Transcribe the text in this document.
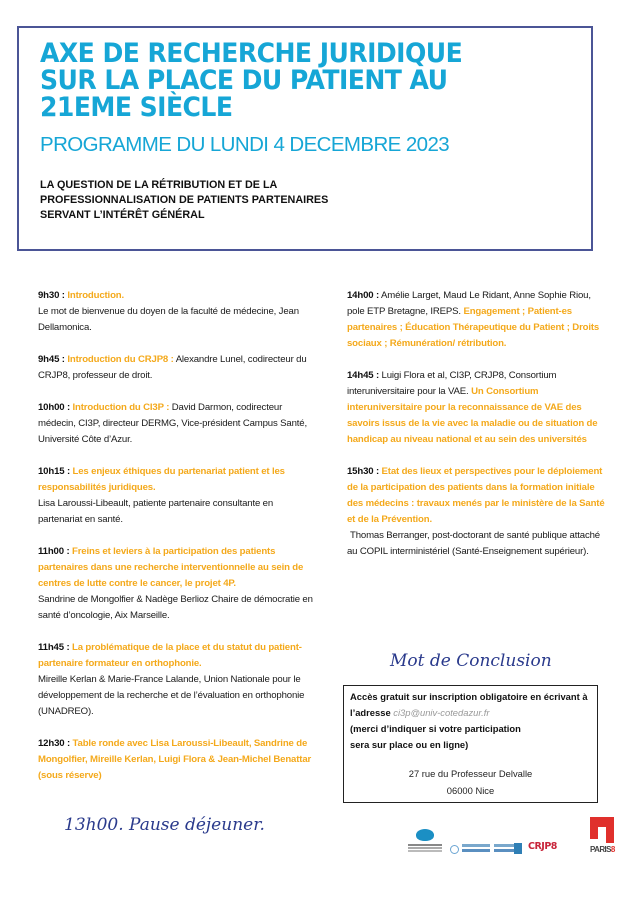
AXE DE RECHERCHE JURIDIQUE
SUR LA PLACE DU PATIENT AU
21EME SIÈCLE
PROGRAMME DU LUNDI 4 DECEMBRE 2023
LA QUESTION DE LA RÉTRIBUTION ET DE LA
PROFESSIONNALISATION DE PATIENTS PARTENAIRES
SERVANT L’INTÉRÊT GÉNÉRAL
9h30 : Introduction.
Le mot de bienvenue du doyen de la faculté de médecine, Jean Dellamonica.
9h45 : Introduction du CRJP8 : Alexandre Lunel, codirecteur du CRJP8, professeur de droit.
10h00 : Introduction du CI3P : David Darmon, codirecteur médecin, CI3P, directeur DERMG, Vice-président Campus Santé, Université Côte d’Azur.
10h15 : Les enjeux éthiques du partenariat patient et les responsabilités juridiques.
Lisa Laroussi-Libeault, patiente partenaire consultante en partenariat en santé.
11h00 : Freins et leviers à la participation des patients partenaires dans une recherche interventionnelle au sein de centres de lutte contre le cancer, le projet 4P.
Sandrine de Mongolfier & Nadège Berlioz Chaire de démocratie en santé d’oncologie, Aix Marseille.
11h45 : La problématique de la place et du statut du patient-partenaire formateur en orthophonie.
Mireille Kerlan & Marie-France Lalande, Union Nationale pour le développement de la recherche et de l’évaluation en orthophonie (UNADREO).
12h30 : Table ronde avec Lisa Laroussi-Libeault, Sandrine de Mongolfier, Mireille Kerlan, Luigi Flora & Jean-Michel Benattar (sous réserve)
13h00. Pause déjeuner.
14h00 : Amélie Larget, Maud Le Ridant, Anne Sophie Riou, pole ETP Bretagne, IREPS. Engagement ; Patient-es partenaires ; Éducation Thérapeutique du Patient ; Droits sociaux ; Rémunération/ rétribution.
14h45 : Luigi Flora et al, CI3P, CRJP8, Consortium interuniversitaire pour la VAE. Un Consortium interuniversitaire pour la reconnaissance de VAE des savoirs issus de la vie avec la maladie ou de situation de handicap au niveau national et au sein des universités
15h30 : Etat des lieux et perspectives pour le déploiement de la participation des patients dans la formation initiale des médecins : travaux menés par le ministère de la Santé et de la Prévention.
Thomas Berranger, post-doctorant de santé publique attaché au COPIL interministériel (Santé-Enseignement supérieur).
Mot de Conclusion
Accès gratuit sur inscription obligatoire en écrivant à
l’adresse ci3p@univ-cotedazur.fr
(merci d’indiquer si votre participation
sera sur place ou en ligne)
27 rue du Professeur Delvalle
06000 Nice
CRJP8	PARIS8
